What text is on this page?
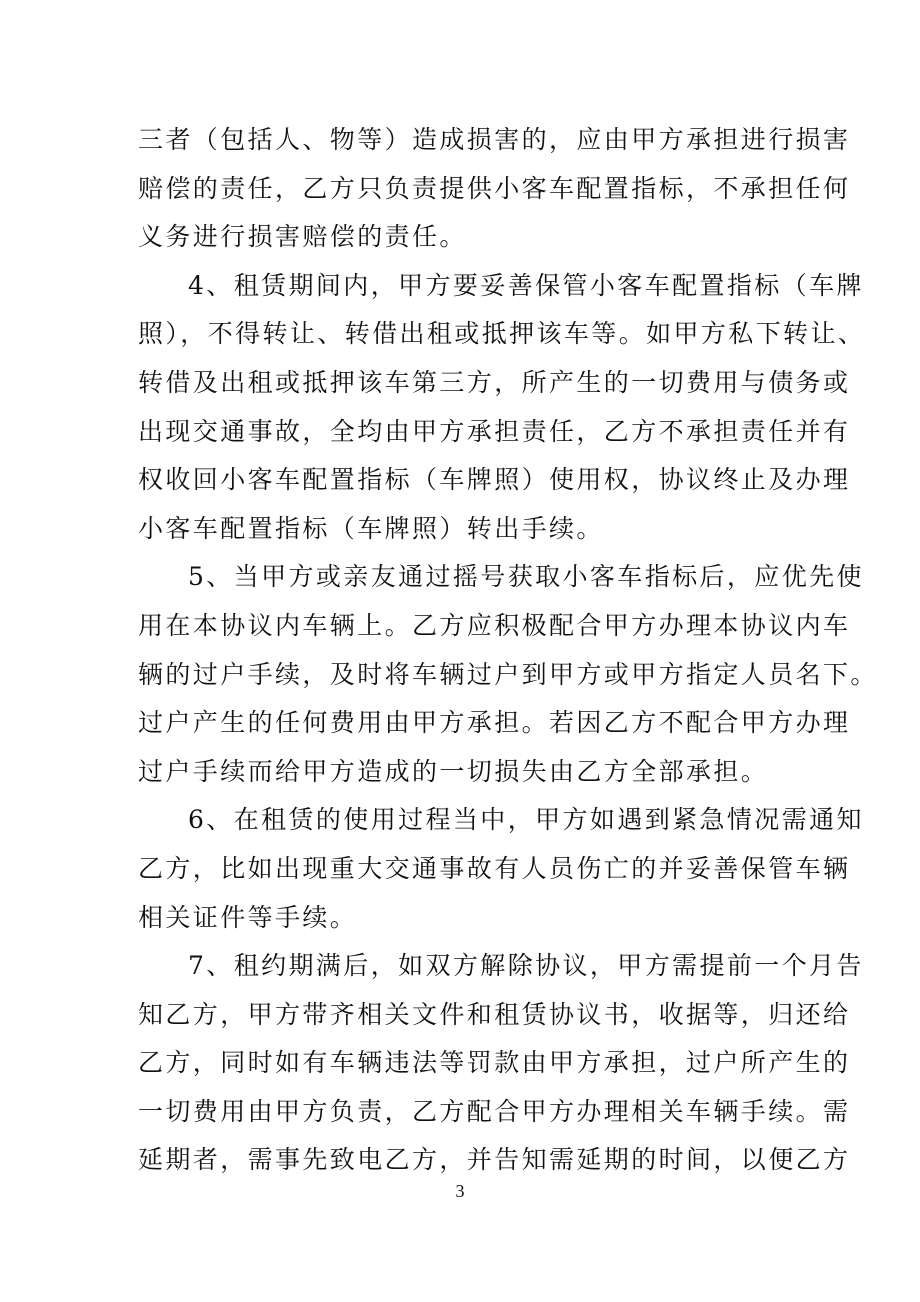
三者（包括人、物等）造成损害的，应由甲方承担进行损害
赔偿的责任，乙方只负责提供小客车配置指标，不承担任何
义务进行损害赔偿的责任。
4、租赁期间内，甲方要妥善保管小客车配置指标（车牌
照），不得转让、转借出租或抵押该车等。如甲方私下转让、
转借及出租或抵押该车第三方，所产生的一切费用与债务或
出现交通事故，全均由甲方承担责任，乙方不承担责任并有
权收回小客车配置指标（车牌照）使用权，协议终止及办理
小客车配置指标（车牌照）转出手续。
5、当甲方或亲友通过摇号获取小客车指标后，应优先使
用在本协议内车辆上。乙方应积极配合甲方办理本协议内车
辆的过户手续，及时将车辆过户到甲方或甲方指定人员名下。
过户产生的任何费用由甲方承担。若因乙方不配合甲方办理
过户手续而给甲方造成的一切损失由乙方全部承担。
6、在租赁的使用过程当中，甲方如遇到紧急情况需通知
乙方，比如出现重大交通事故有人员伤亡的并妥善保管车辆
相关证件等手续。
7、租约期满后，如双方解除协议，甲方需提前一个月告
知乙方，甲方带齐相关文件和租赁协议书，收据等，归还给
乙方，同时如有车辆违法等罚款由甲方承担，过户所产生的
一切费用由甲方负责，乙方配合甲方办理相关车辆手续。需
延期者，需事先致电乙方，并告知需延期的时间，以便乙方
3
